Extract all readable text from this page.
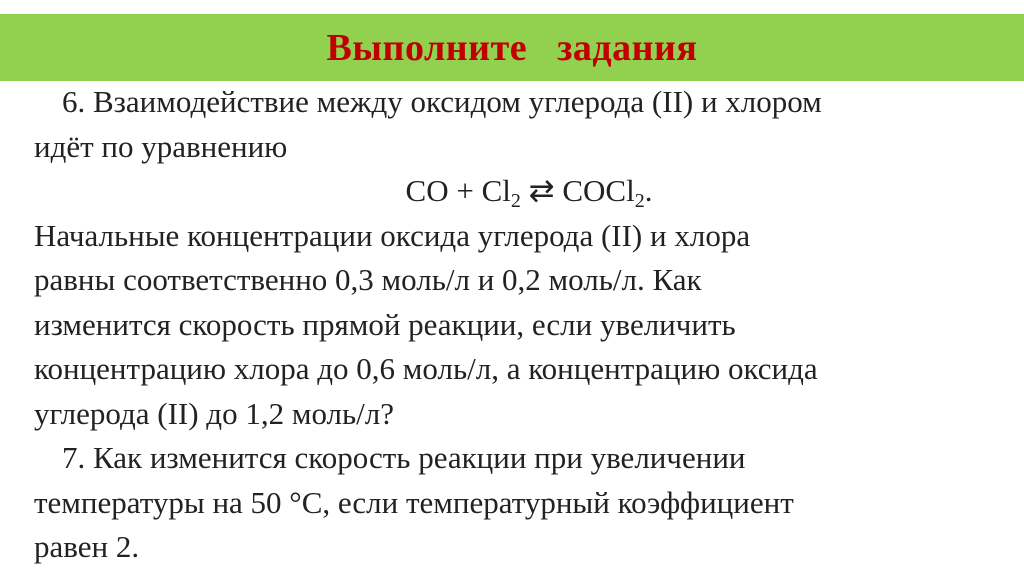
Выполните   задания
6. Взаимодействие между оксидом углерода (II) и хлором
идёт по уравнению
CO + $Cl_2$ ⇄ COCl$_2$.
Начальные концентрации оксида углерода (II) и хлора
равны соответственно 0,3 моль/л и 0,2 моль/л. Как
изменится скорость прямой реакции, если увеличить
концентрацию хлора до 0,6 моль/л, а концентрацию оксида
углерода (II) до 1,2 моль/л?
7. Как изменится скорость реакции при увеличении
температуры на 50 °С, если температурный коэффициент
равен 2.
